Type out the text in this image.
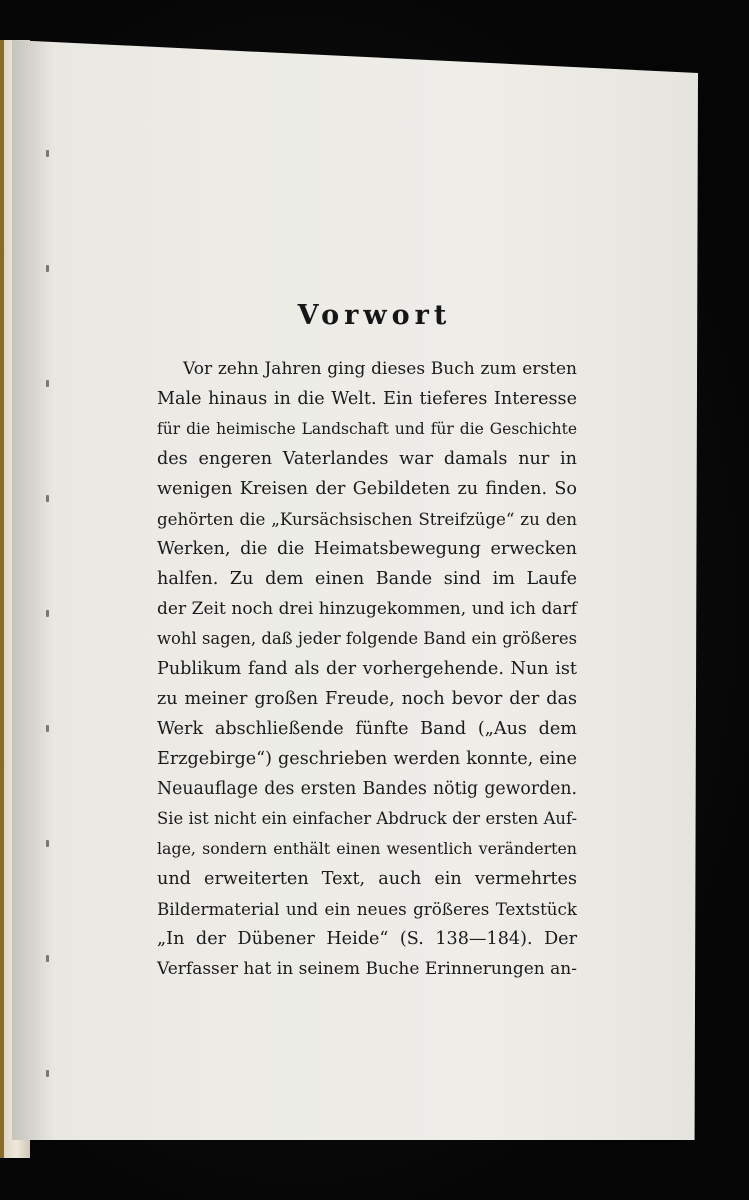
Vorwort
Vor zehn Jahren ging dieses Buch zum ersten
Male hinaus in die Welt. Ein tieferes Interesse
für die heimische Landschaft und für die Geschichte
des engeren Vaterlandes war damals nur in
wenigen Kreisen der Gebildeten zu finden. So
gehörten die „Kursächsischen Streifzüge“ zu den
Werken, die die Heimatsbewegung erwecken
halfen. Zu dem einen Bande sind im Laufe
der Zeit noch drei hinzugekommen, und ich darf
wohl sagen, daß jeder folgende Band ein größeres
Publikum fand als der vorhergehende. Nun ist
zu meiner großen Freude, noch bevor der das
Werk abschließende fünfte Band („Aus dem
Erzgebirge“) geschrieben werden konnte, eine
Neuauflage des ersten Bandes nötig geworden.
Sie ist nicht ein einfacher Abdruck der ersten Auf-
lage, sondern enthält einen wesentlich veränderten
und erweiterten Text, auch ein vermehrtes
Bildermaterial und ein neues größeres Textstück
„In der Dübener Heide“ (S. 138—184). Der
Verfasser hat in seinem Buche Erinnerungen an-
